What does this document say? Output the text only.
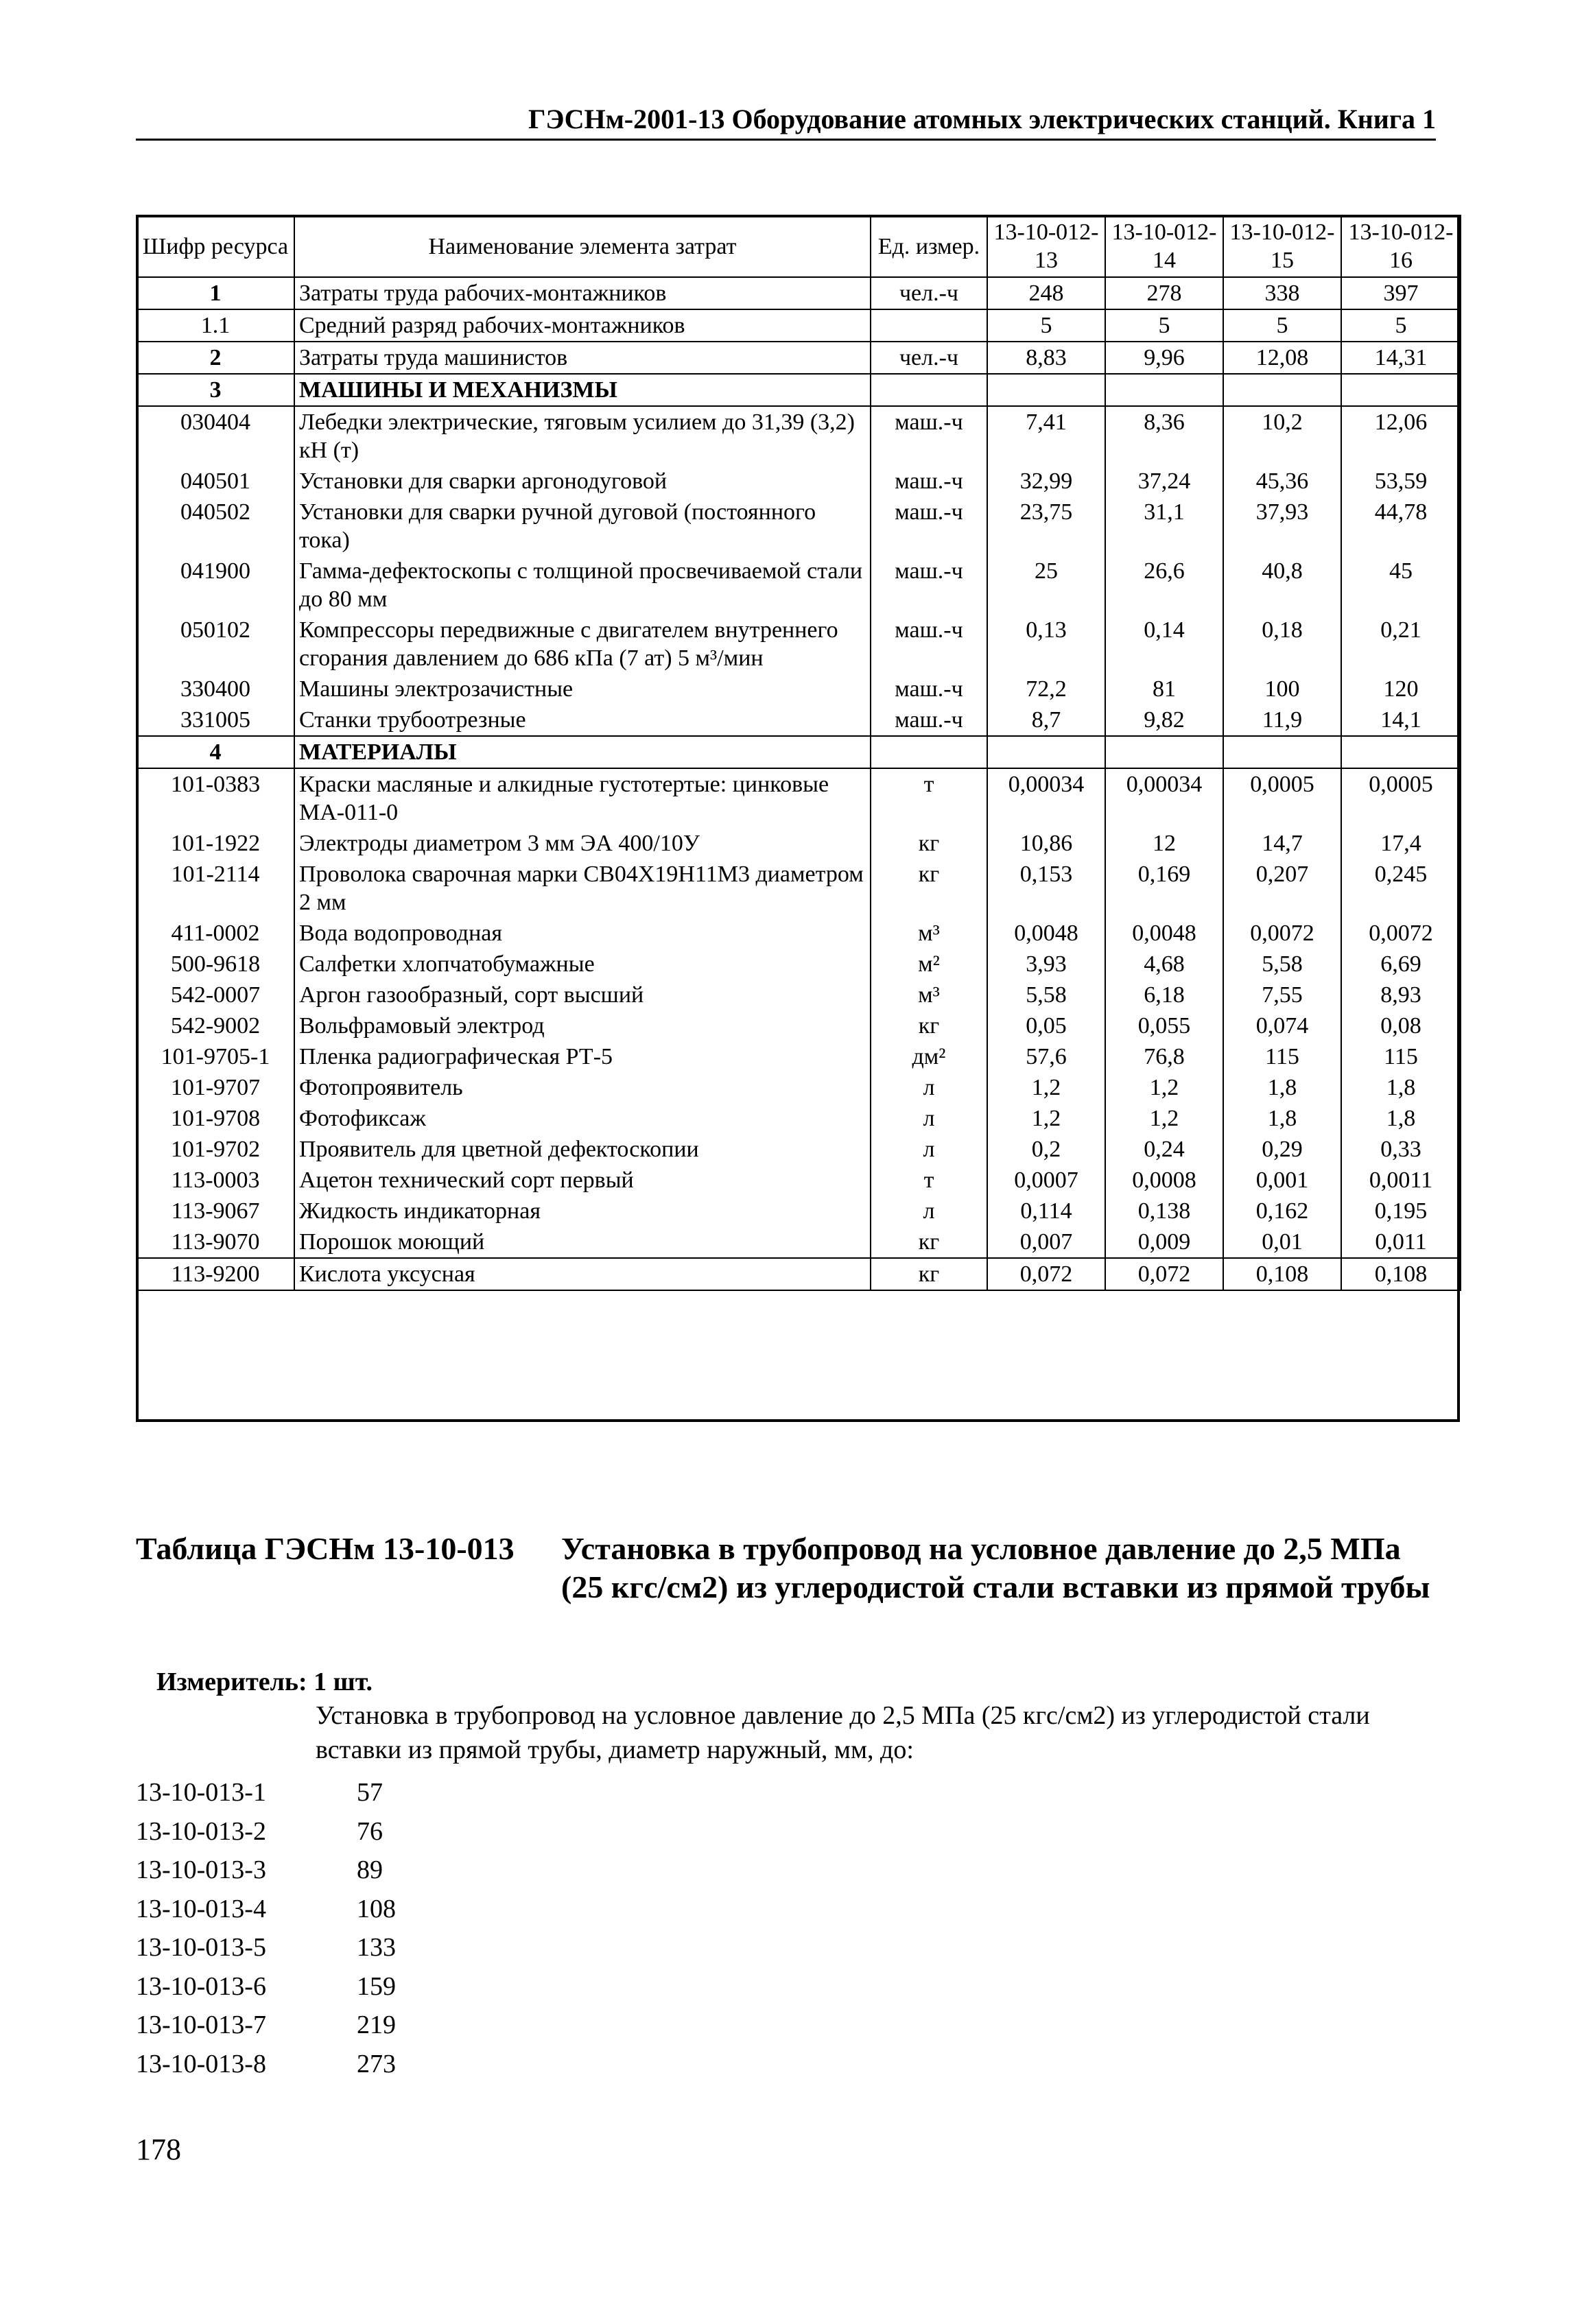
ГЭСНм-2001-13 Оборудование атомных электрических станций. Книга 1
Шифр ресурса	Наименование элемента затрат	Ед. измер.	13-10-012-13	13-10-012-14	13-10-012-15	13-10-012-16
1	Затраты труда рабочих-монтажников	чел.-ч	248	278	338	397
1.1	Средний разряд рабочих-монтажников		5	5	5	5
2	Затраты труда машинистов	чел.-ч	8,83	9,96	12,08	14,31
3	МАШИНЫ И МЕХАНИЗМЫ					
030404	Лебедки электрические, тяговым усилием до 31,39 (3,2) кН (т)	маш.-ч	7,41	8,36	10,2	12,06
040501	Установки для сварки аргонодуговой	маш.-ч	32,99	37,24	45,36	53,59
040502	Установки для сварки ручной дуговой (постоянного тока)	маш.-ч	23,75	31,1	37,93	44,78
041900	Гамма-дефектоскопы с толщиной просвечиваемой стали до 80 мм	маш.-ч	25	26,6	40,8	45
050102	Компрессоры передвижные с двигателем внутреннего сгорания давлением до 686 кПа (7 ат) 5 м³/мин	маш.-ч	0,13	0,14	0,18	0,21
330400	Машины электрозачистные	маш.-ч	72,2	81	100	120
331005	Станки трубоотрезные	маш.-ч	8,7	9,82	11,9	14,1
4	МАТЕРИАЛЫ					
101-0383	Краски масляные и алкидные густотертые: цинковые МА-011-0	т	0,00034	0,00034	0,0005	0,0005
101-1922	Электроды диаметром 3 мм ЭА 400/10У	кг	10,86	12	14,7	17,4
101-2114	Проволока сварочная марки СВ04Х19Н11М3 диаметром 2 мм	кг	0,153	0,169	0,207	0,245
411-0002	Вода водопроводная	м³	0,0048	0,0048	0,0072	0,0072
500-9618	Салфетки хлопчатобумажные	м²	3,93	4,68	5,58	6,69
542-0007	Аргон газообразный, сорт высший	м³	5,58	6,18	7,55	8,93
542-9002	Вольфрамовый электрод	кг	0,05	0,055	0,074	0,08
101-9705-1	Пленка радиографическая РТ-5	дм²	57,6	76,8	115	115
101-9707	Фотопроявитель	л	1,2	1,2	1,8	1,8
101-9708	Фотофиксаж	л	1,2	1,2	1,8	1,8
101-9702	Проявитель для цветной дефектоскопии	л	0,2	0,24	0,29	0,33
113-0003	Ацетон технический сорт первый	т	0,0007	0,0008	0,001	0,0011
113-9067	Жидкость индикаторная	л	0,114	0,138	0,162	0,195
113-9070	Порошок моющий	кг	0,007	0,009	0,01	0,011
113-9200	Кислота уксусная	кг	0,072	0,072	0,108	0,108
Таблица ГЭСНм 13-10-013 Установка в трубопровод на условное давление до 2,5 МПа (25 кгс/см2) из углеродистой стали вставки из прямой трубы
Измеритель: 1 шт.
Установка в трубопровод на условное давление до 2,5 МПа (25 кгс/см2) из углеродистой стали вставки из прямой трубы, диаметр наружный, мм, до:
13-10-013-1	57
13-10-013-2	76
13-10-013-3	89
13-10-013-4	108
13-10-013-5	133
13-10-013-6	159
13-10-013-7	219
13-10-013-8	273
178
